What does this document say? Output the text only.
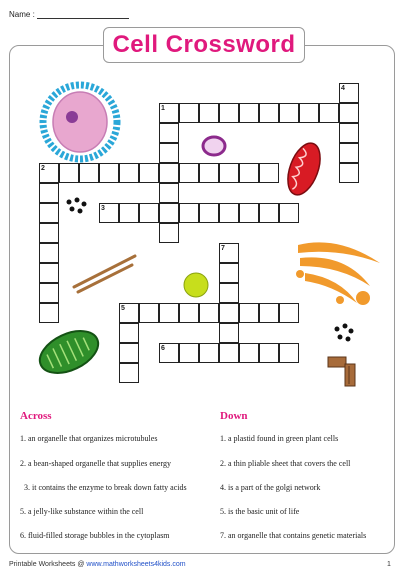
Name :
Cell Crossword
1
2
3
4
5
6
7
Across	Down
1. an organelle that organizes microtubules
2. a bean-shaped organelle that supplies energy
3. it contains the enzyme to break down fatty acids
5. a jelly-like substance within the cell
6. fluid-filled storage bubbles in the cytoplasm
1. a plastid found in green plant cells
2. a thin pliable sheet that covers the cell
4. is a part of the golgi network
5. is the basic unit of life
7. an organelle that contains genetic materials
Printable Worksheets @ www.mathworksheets4kids.com	1
